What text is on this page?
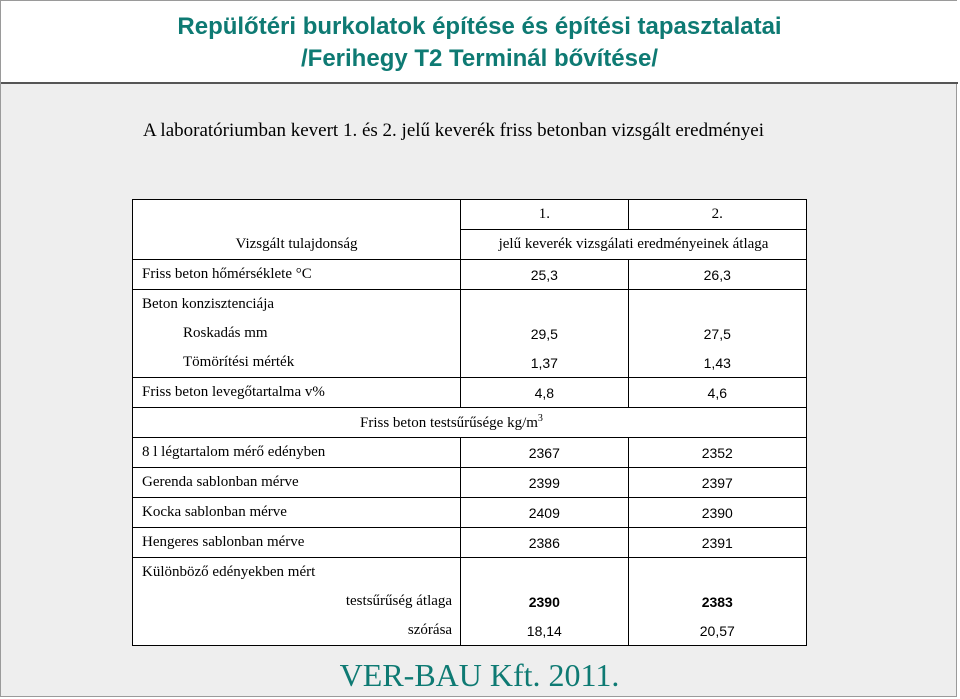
Repülőtéri burkolatok építése és építési tapasztalatai
/Ferihegy T2 Terminál bővítése/
A laboratóriumban kevert 1. és 2. jelű keverék friss betonban vizsgált eredményei
	1.	2.
Vizsgált tulajdonság	jelű keverék vizsgálati eredményeinek átlaga	
Friss beton hőmérséklete °C	25,3	26,3
Beton konzisztenciája		
Roskadás mm	29,5	27,5
Tömörítési mérték	1,37	1,43
Friss beton levegőtartalma v%	4,8	4,6
Friss beton testsűrűsége $kg/m^3$
8 l légtartalom mérő edényben	2367	2352
Gerenda sablonban mérve	2399	2397
Kocka sablonban mérve	2409	2390
Hengeres sablonban mérve	2386	2391
Különböző edényekben mért		
testsűrűség átlaga	2390	2383
szórása	18,14	20,57
VER-BAU Kft. 2011.
